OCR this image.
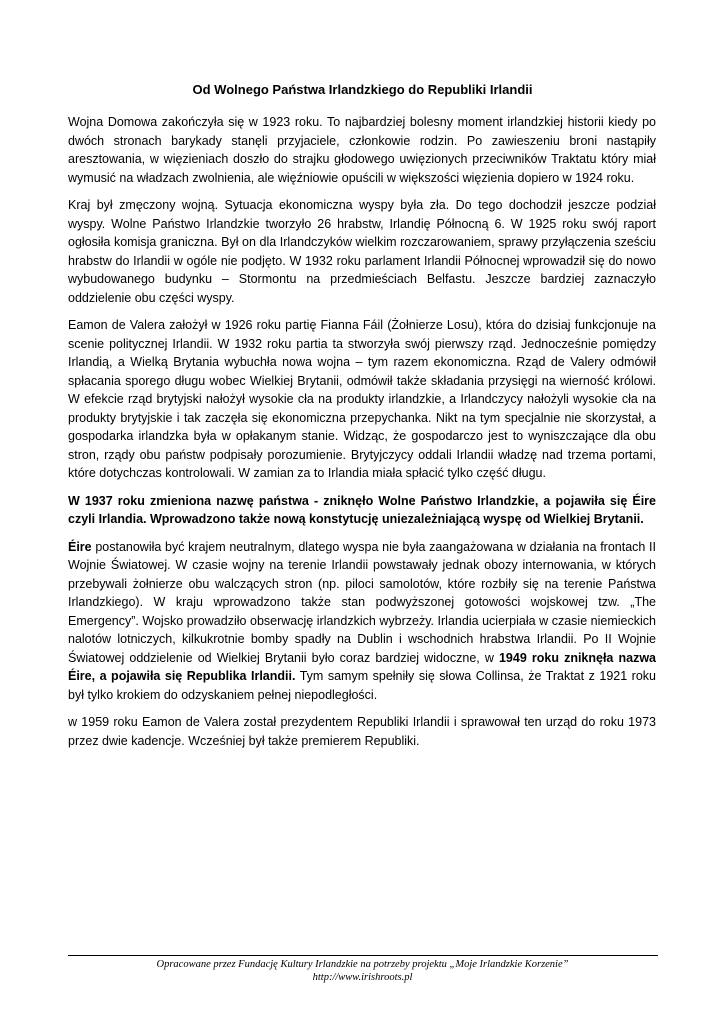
Od Wolnego Państwa Irlandzkiego do Republiki Irlandii

Wojna Domowa zakończyła się w 1923 roku. To najbardziej bolesny moment irlandzkiej historii kiedy po dwóch stronach barykady stanęli przyjaciele, członkowie rodzin. Po zawieszeniu broni nastąpiły aresztowania, w więzieniach doszło do strajku głodowego uwięzionych przeciwników Traktatu który miał wymusić na władzach zwolnienia, ale więźniowie opuścili w większości więzienia dopiero w 1924 roku.

Kraj był zmęczony wojną. Sytuacja ekonomiczna wyspy była zła. Do tego dochodził jeszcze podział wyspy. Wolne Państwo Irlandzkie tworzyło 26 hrabstw, Irlandię Północną 6. W 1925 roku swój raport ogłosiła komisja graniczna. Był on dla Irlandczyków wielkim rozczarowaniem, sprawy przyłączenia sześciu hrabstw do Irlandii w ogóle nie podjęto. W 1932 roku parlament Irlandii Północnej wprowadził się do nowo wybudowanego budynku – Stormontu na przedmieściach Belfastu. Jeszcze bardziej zaznaczyło oddzielenie obu części wyspy.

Eamon de Valera założył w 1926 roku partię Fianna Fáil (Żołnierze Losu), która do dzisiaj funkcjonuje na scenie politycznej Irlandii. W 1932 roku partia ta stworzyła swój pierwszy rząd. Jednocześnie pomiędzy Irlandią, a Wielką Brytania wybuchła nowa wojna – tym razem ekonomiczna. Rząd de Valery odmówił spłacania sporego długu wobec Wielkiej Brytanii, odmówił także składania przysięgi na wierność królowi. W efekcie rząd brytyjski nałożył wysokie cła na produkty irlandzkie, a Irlandczycy nałożyli wysokie cła na produkty brytyjskie i tak zaczęła się ekonomiczna przepychanka. Nikt na tym specjalnie nie skorzystał, a gospodarka irlandzka była w opłakanym stanie. Widząc, że gospodarczo jest to wyniszczające dla obu stron, rządy obu państw podpisały porozumienie. Brytyjczycy oddali Irlandii władzę nad trzema portami, które dotychczas kontrolowali. W zamian za to Irlandia miała spłacić tylko część długu.

W 1937 roku zmieniona nazwę państwa - zniknęło Wolne Państwo Irlandzkie, a pojawiła się Éire czyli Irlandia. Wprowadzono także nową konstytucję uniezależniającą wyspę od Wielkiej Brytanii.

Éire postanowiła być krajem neutralnym, dlatego wyspa nie była zaangażowana w działania na frontach II Wojnie Światowej. W czasie wojny na terenie Irlandii powstawały jednak obozy internowania, w których przebywali żołnierze obu walczących stron (np. piloci samolotów, które rozbiły się na terenie Państwa Irlandzkiego). W kraju wprowadzono także stan podwyższonej gotowości wojskowej tzw. „The Emergency”. Wojsko prowadziło obserwację irlandzkich wybrzeży. Irlandia ucierpiała w czasie niemieckich nalotów lotniczych, kilkukrotnie bomby spadły na Dublin i wschodnich hrabstwa Irlandii. Po II Wojnie Światowej oddzielenie od Wielkiej Brytanii było coraz bardziej widoczne, w 1949 roku zniknęła nazwa Éire, a pojawiła się Republika Irlandii. Tym samym spełniły się słowa Collinsa, że Traktat z 1921 roku był tylko krokiem do odzyskaniem pełnej niepodległości.

w 1959 roku Eamon de Valera został prezydentem Republiki Irlandii i sprawował ten urząd do roku 1973 przez dwie kadencje. Wcześniej był także premierem Republiki.

Opracowane przez Fundację Kultury Irlandzkie na potrzeby projektu „Moje Irlandzkie Korzenie”
http://www.irishroots.pl
